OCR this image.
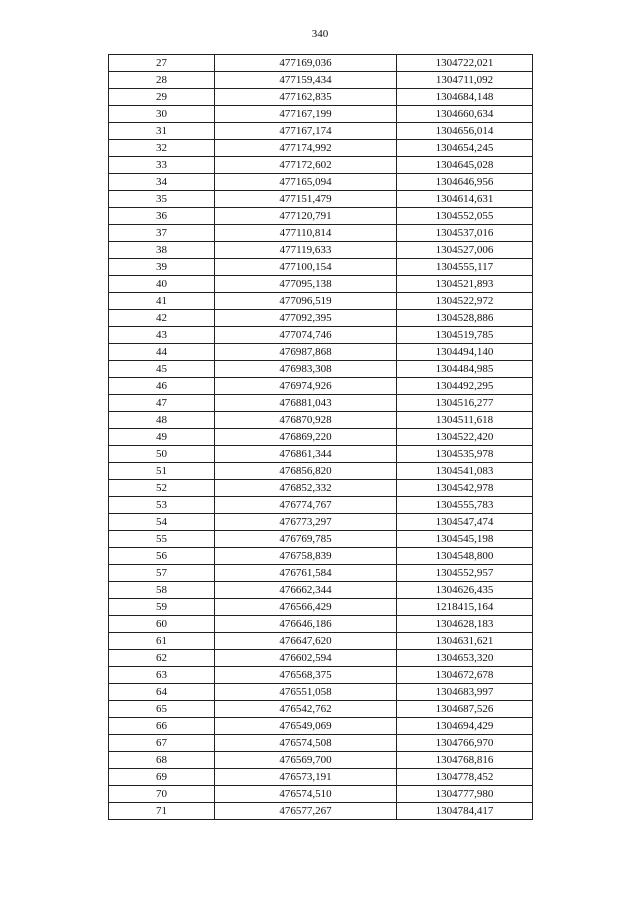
340
27	477169,036	1304722,021
28	477159,434	1304711,092
29	477162,835	1304684,148
30	477167,199	1304660,634
31	477167,174	1304656,014
32	477174,992	1304654,245
33	477172,602	1304645,028
34	477165,094	1304646,956
35	477151,479	1304614,631
36	477120,791	1304552,055
37	477110,814	1304537,016
38	477119,633	1304527,006
39	477100,154	1304555,117
40	477095,138	1304521,893
41	477096,519	1304522,972
42	477092,395	1304528,886
43	477074,746	1304519,785
44	476987,868	1304494,140
45	476983,308	1304484,985
46	476974,926	1304492,295
47	476881,043	1304516,277
48	476870,928	1304511,618
49	476869,220	1304522,420
50	476861,344	1304535,978
51	476856,820	1304541,083
52	476852,332	1304542,978
53	476774,767	1304555,783
54	476773,297	1304547,474
55	476769,785	1304545,198
56	476758,839	1304548,800
57	476761,584	1304552,957
58	476662,344	1304626,435
59	476566,429	1218415,164
60	476646,186	1304628,183
61	476647,620	1304631,621
62	476602,594	1304653,320
63	476568,375	1304672,678
64	476551,058	1304683,997
65	476542,762	1304687,526
66	476549,069	1304694,429
67	476574,508	1304766,970
68	476569,700	1304768,816
69	476573,191	1304778,452
70	476574,510	1304777,980
71	476577,267	1304784,417
